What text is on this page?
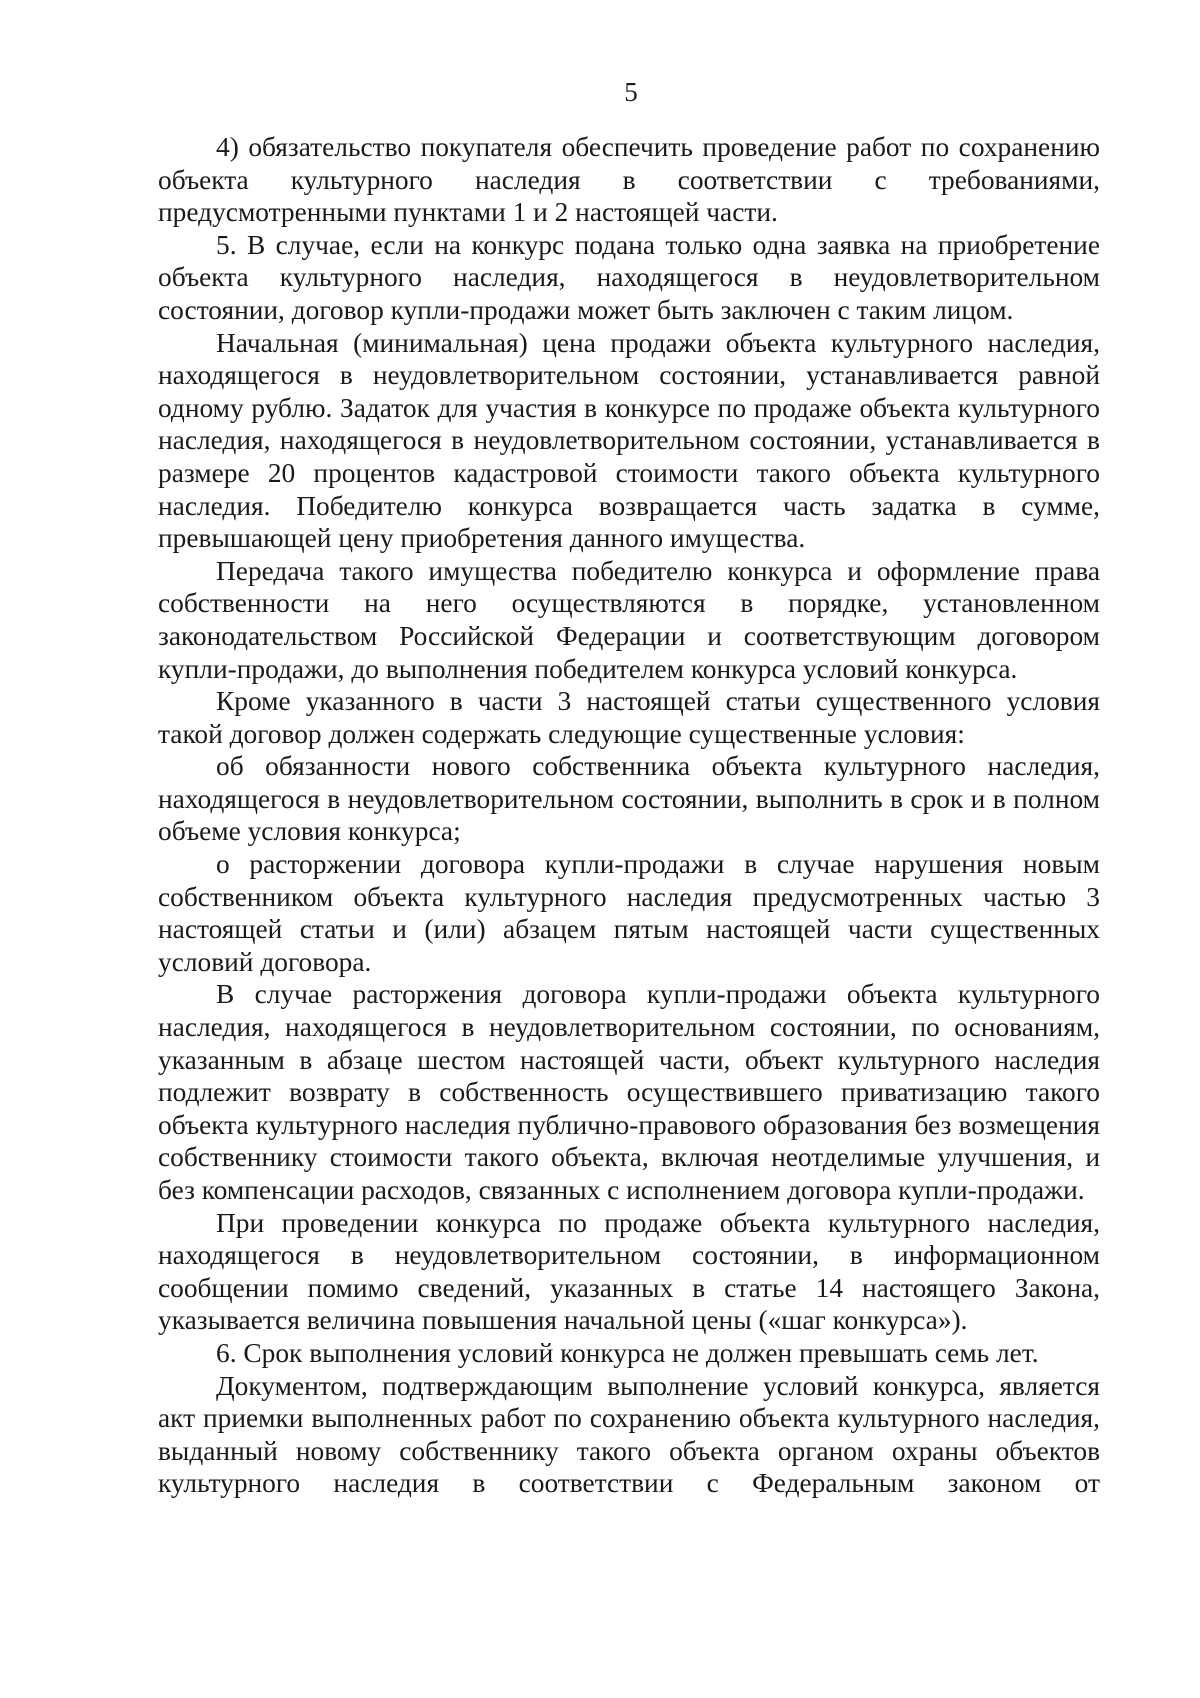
5

4) обязательство покупателя обеспечить проведение работ по сохранению объекта культурного наследия в соответствии с требованиями, предусмотренными пунктами 1 и 2 настоящей части.

5. В случае, если на конкурс подана только одна заявка на приобретение объекта культурного наследия, находящегося в неудовлетворительном состоянии, договор купли-продажи может быть заключен с таким лицом.

Начальная (минимальная) цена продажи объекта культурного наследия, находящегося в неудовлетворительном состоянии, устанавливается равной одному рублю. Задаток для участия в конкурсе по продаже объекта культурного наследия, находящегося в неудовлетворительном состоянии, устанавливается в размере 20 процентов кадастровой стоимости такого объекта культурного наследия. Победителю конкурса возвращается часть задатка в сумме, превышающей цену приобретения данного имущества.

Передача такого имущества победителю конкурса и оформление права собственности на него осуществляются в порядке, установленном законодательством Российской Федерации и соответствующим договором купли-продажи, до выполнения победителем конкурса условий конкурса.

Кроме указанного в части 3 настоящей статьи существенного условия такой договор должен содержать следующие существенные условия:

об обязанности нового собственника объекта культурного наследия, находящегося в неудовлетворительном состоянии, выполнить в срок и в полном объеме условия конкурса;

о расторжении договора купли-продажи в случае нарушения новым собственником объекта культурного наследия предусмотренных частью 3 настоящей статьи и (или) абзацем пятым настоящей части существенных условий договора.

В случае расторжения договора купли-продажи объекта культурного наследия, находящегося в неудовлетворительном состоянии, по основаниям, указанным в абзаце шестом настоящей части, объект культурного наследия подлежит возврату в собственность осуществившего приватизацию такого объекта культурного наследия публично-правового образования без возмещения собственнику стоимости такого объекта, включая неотделимые улучшения, и без компенсации расходов, связанных с исполнением договора купли-продажи.

При проведении конкурса по продаже объекта культурного наследия, находящегося в неудовлетворительном состоянии, в информационном сообщении помимо сведений, указанных в статье 14 настоящего Закона, указывается величина повышения начальной цены («шаг конкурса»).

6. Срок выполнения условий конкурса не должен превышать семь лет.

Документом, подтверждающим выполнение условий конкурса, является акт приемки выполненных работ по сохранению объекта культурного наследия, выданный новому собственнику такого объекта органом охраны объектов культурного наследия в соответствии с Федеральным законом от
